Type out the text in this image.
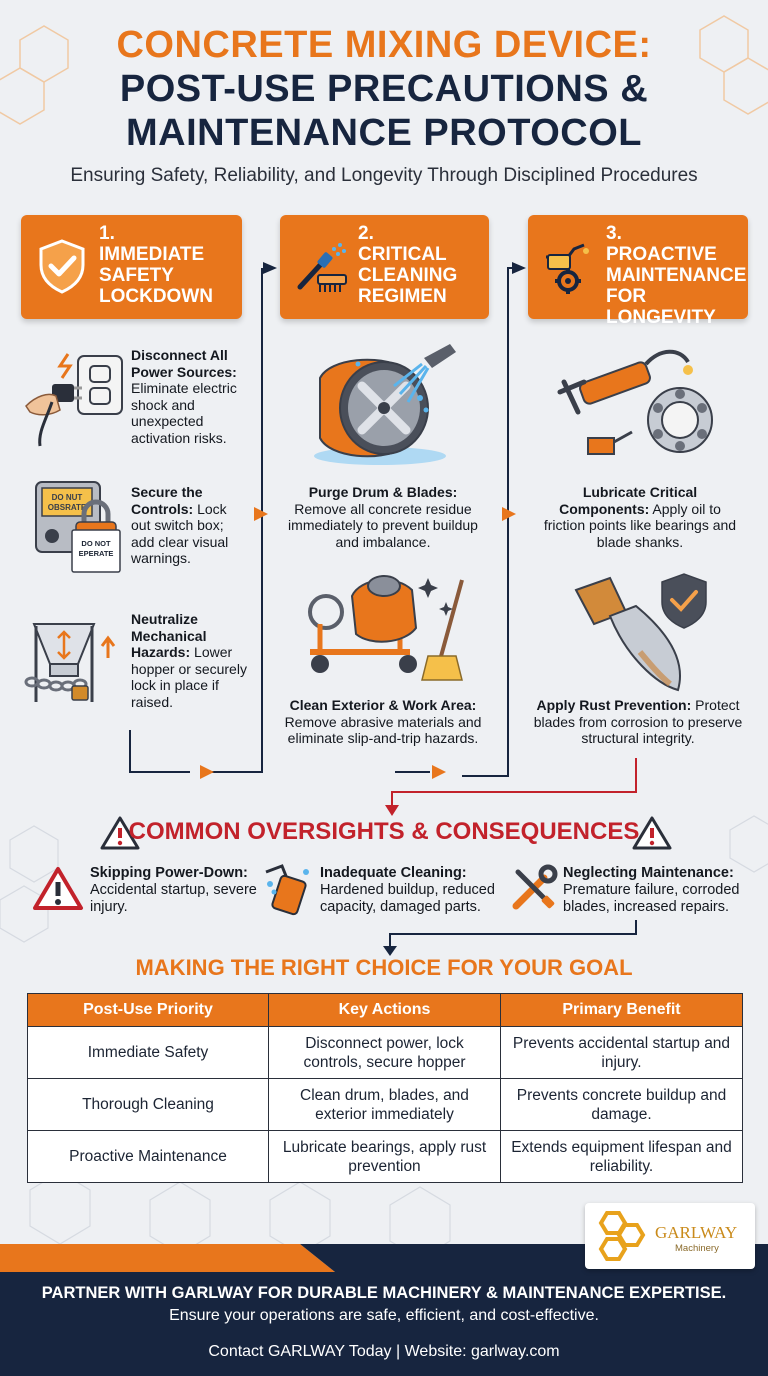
CONCRETE MIXING DEVICE:
POST-USE PRECAUTIONS &
MAINTENANCE PROTOCOL
Ensuring Safety, Reliability, and Longevity Through Disciplined Procedures
1.
IMMEDIATE
SAFETY
LOCKDOWN
2.
CRITICAL
CLEANING
REGIMEN
3.
PROACTIVE
MAINTENANCE
FOR LONGEVITY
Disconnect All Power Sources: Eliminate electric shock and unexpected activation risks.
DO NUT
OBSRATE
DO NOT
EPERATE
Secure the Controls: Lock out switch box; add clear visual warnings.
Neutralize Mechanical Hazards: Lower hopper or securely lock in place if raised.
Purge Drum & Blades: Remove all concrete residue immediately to prevent buildup and imbalance.
Clean Exterior & Work Area: Remove abrasive materials and eliminate slip-and-trip hazards.
Lubricate Critical Components: Apply oil to friction points like bearings and blade shanks.
Apply Rust Prevention: Protect blades from corrosion to preserve structural integrity.
COMMON OVERSIGHTS & CONSEQUENCES
Skipping Power-Down: Accidental startup, severe injury.
Inadequate Cleaning: Hardened buildup, reduced capacity, damaged parts.
Neglecting Maintenance: Premature failure, corroded blades, increased repairs.
MAKING THE RIGHT CHOICE FOR YOUR GOAL
Post-Use Priority	Key Actions	Primary Benefit
Immediate Safety	Disconnect power, lock controls, secure hopper	Prevents accidental startup and injury.
Thorough Cleaning	Clean drum, blades, and exterior immediately	Prevents concrete buildup and damage.
Proactive Maintenance	Lubricate bearings, apply rust prevention	Extends equipment lifespan and reliability.
GARLWAY
Machinery
PARTNER WITH GARLWAY FOR DURABLE MACHINERY & MAINTENANCE EXPERTISE.
Ensure your operations are safe, efficient, and cost-effective.
Contact GARLWAY Today | Website: garlway.com
